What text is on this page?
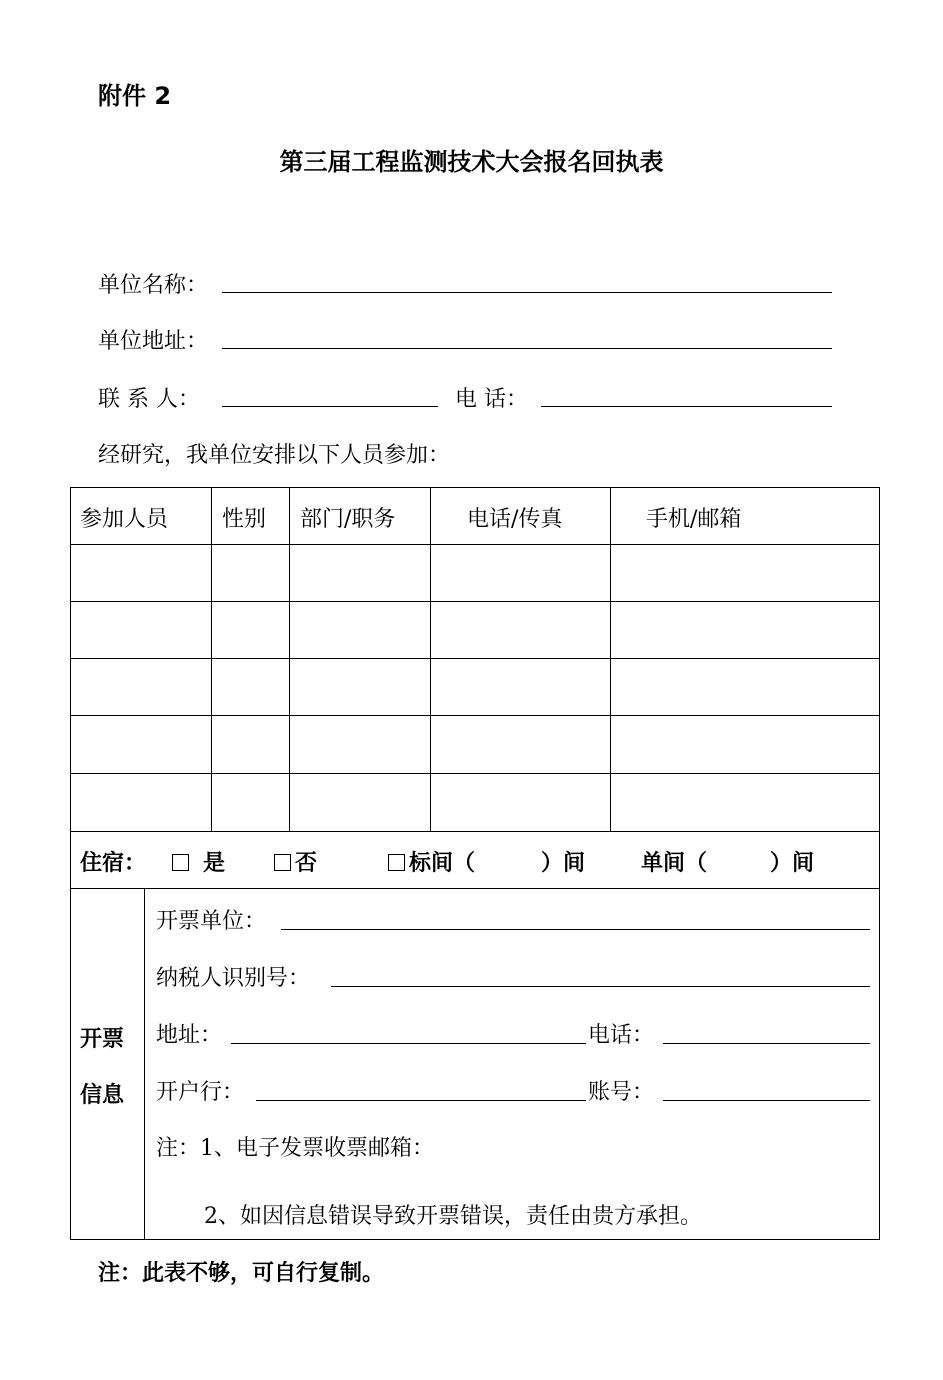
附件 2
第三届工程监测技术大会报名回执表
单位名称：
单位地址：
联 系 人：	电 话：
经研究，我单位安排以下人员参加：
参加人员 性别 部门/职务	电话/传真	手机/邮箱
住宿：	是	否	标间（	）间	单间（	）间
开票
信息
开票单位：
纳税人识别号：
地址：	电话：
开户行：	账号：
注：1、电子发票收票邮箱：
2、如因信息错误导致开票错误，责任由贵方承担。
注：此表不够，可自行复制。
